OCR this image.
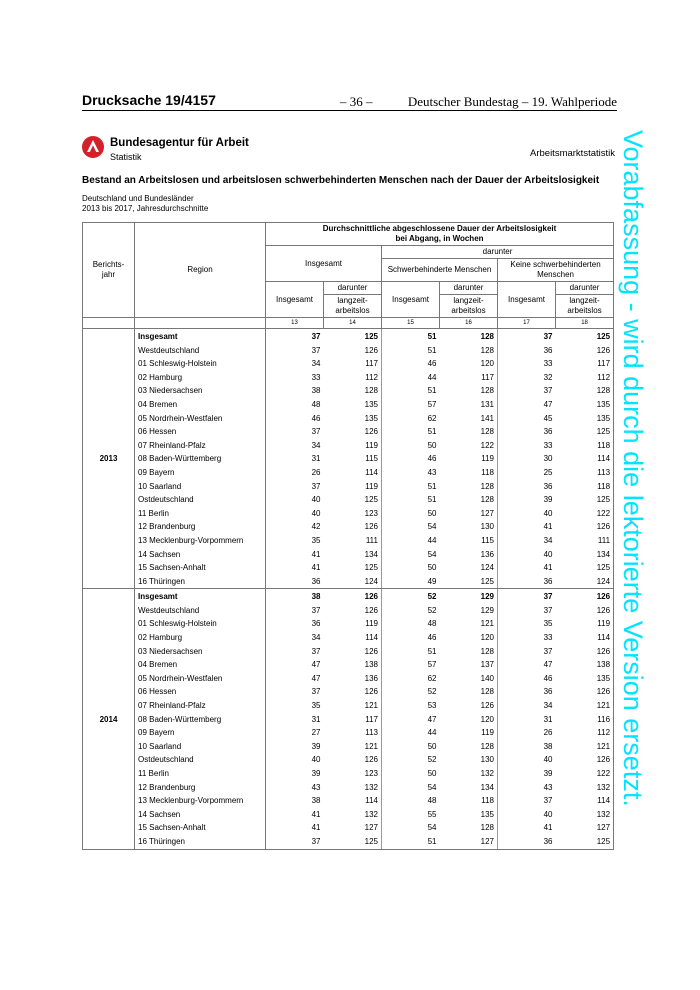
Drucksache 19/4157	– 36 –	Deutscher Bundestag – 19. Wahlperiode
Bundesagentur für Arbeit
Statistik	Arbeitsmarktstatistik
Bestand an Arbeitslosen und arbeitslosen schwerbehinderten Menschen nach der Dauer der Arbeitslosigkeit
Deutschland und Bundesländer
2013 bis 2017, Jahresdurchschnitte	Vorabfassung - wird durch die lektorierte Version ersetzt.
Berichts-
jahr	Region	Durchschnittliche abgeschlossene Dauer der Arbeitslosigkeit
bei Abgang, in Wochen					
		Insgesamt		darunter			
				Schwerbehinderte Menschen		Keine schwerbehinderten
Menschen	
		Insgesamt	darunter	Insgesamt	darunter	Insgesamt	darunter
			langzeit-
arbeitslos		langzeit-
arbeitslos		langzeit-
arbeitslos
		13	14	15	16	17	18
2013	Insgesamt	37	125	51	128	37	125
	Westdeutschland	37	126	51	128	36	126
	01 Schleswig-Holstein	34	117	46	120	33	117
	02 Hamburg	33	112	44	117	32	112
	03 Niedersachsen	38	128	51	128	37	128
	04 Bremen	48	135	57	131	47	135
	05 Nordrhein-Westfalen	46	135	62	141	45	135
	06 Hessen	37	126	51	128	36	125
	07 Rheinland-Pfalz	34	119	50	122	33	118
	08 Baden-Württemberg	31	115	46	119	30	114
	09 Bayern	26	114	43	118	25	113
	10 Saarland	37	119	51	128	36	118
	Ostdeutschland	40	125	51	128	39	125
	11 Berlin	40	123	50	127	40	122
	12 Brandenburg	42	126	54	130	41	126
	13 Mecklenburg-Vorpommern	35	111	44	115	34	111
	14 Sachsen	41	134	54	136	40	134
	15 Sachsen-Anhalt	41	125	50	124	41	125
	16 Thüringen	36	124	49	125	36	124
2014	Insgesamt	38	126	52	129	37	126
	Westdeutschland	37	126	52	129	37	126
	01 Schleswig-Holstein	36	119	48	121	35	119
	02 Hamburg	34	114	46	120	33	114
	03 Niedersachsen	37	126	51	128	37	126
	04 Bremen	47	138	57	137	47	138
	05 Nordrhein-Westfalen	47	136	62	140	46	135
	06 Hessen	37	126	52	128	36	126
	07 Rheinland-Pfalz	35	121	53	126	34	121
	08 Baden-Württemberg	31	117	47	120	31	116
	09 Bayern	27	113	44	119	26	112
	10 Saarland	39	121	50	128	38	121
	Ostdeutschland	40	126	52	130	40	126
	11 Berlin	39	123	50	132	39	122
	12 Brandenburg	43	132	54	134	43	132
	13 Mecklenburg-Vorpommern	38	114	48	118	37	114
	14 Sachsen	41	132	55	135	40	132
	15 Sachsen-Anhalt	41	127	54	128	41	127
	16 Thüringen	37	125	51	127	36	125
